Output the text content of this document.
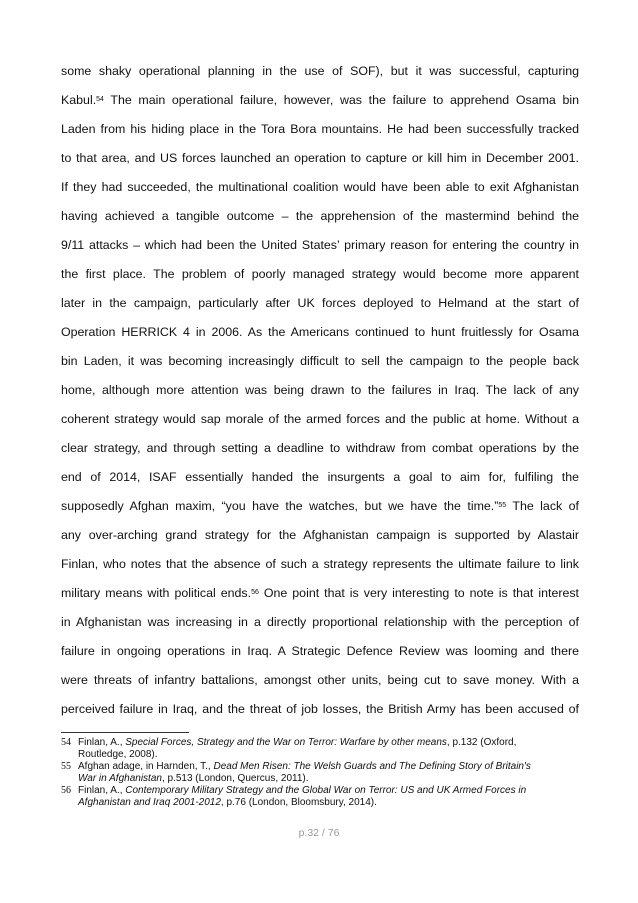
some shaky operational planning in the use of SOF), but it was successful, capturing
Kabul.$^{54}$ The main operational failure, however, was the failure to apprehend Osama bin
Laden from his hiding place in the Tora Bora mountains. He had been successfully tracked
to that area, and US forces launched an operation to capture or kill him in December 2001.
If they had succeeded, the multinational coalition would have been able to exit Afghanistan
having achieved a tangible outcome – the apprehension of the mastermind behind the
9/11 attacks – which had been the United States’ primary reason for entering the country in
the first place. The problem of poorly managed strategy would become more apparent
later in the campaign, particularly after UK forces deployed to Helmand at the start of
Operation HERRICK 4 in 2006. As the Americans continued to hunt fruitlessly for Osama
bin Laden, it was becoming increasingly difficult to sell the campaign to the people back
home, although more attention was being drawn to the failures in Iraq. The lack of any
coherent strategy would sap morale of the armed forces and the public at home. Without a
clear strategy, and through setting a deadline to withdraw from combat operations by the
end of 2014, ISAF essentially handed the insurgents a goal to aim for, fulfiling the
supposedly Afghan maxim, “you have the watches, but we have the time.”$^{55}$ The lack of
any over-arching grand strategy for the Afghanistan campaign is supported by Alastair
Finlan, who notes that the absence of such a strategy represents the ultimate failure to link
military means with political ends.$^{56}$ One point that is very interesting to note is that interest
in Afghanistan was increasing in a directly proportional relationship with the perception of
failure in ongoing operations in Iraq. A Strategic Defence Review was looming and there
were threats of infantry battalions, amongst other units, being cut to save money. With a
perceived failure in Iraq, and the threat of job losses, the British Army has been accused of
54 Finlan, A., Special Forces, Strategy and the War on Terror: Warfare by other means, p.132 (Oxford,
Routledge, 2008).
55 Afghan adage, in Harnden, T., Dead Men Risen: The Welsh Guards and The Defining Story of Britain's
War in Afghanistan, p.513 (London, Quercus, 2011).
56 Finlan, A., Contemporary Military Strategy and the Global War on Terror: US and UK Armed Forces in
Afghanistan and Iraq 2001-2012, p.76 (London, Bloomsbury, 2014).
p.32 / 76
